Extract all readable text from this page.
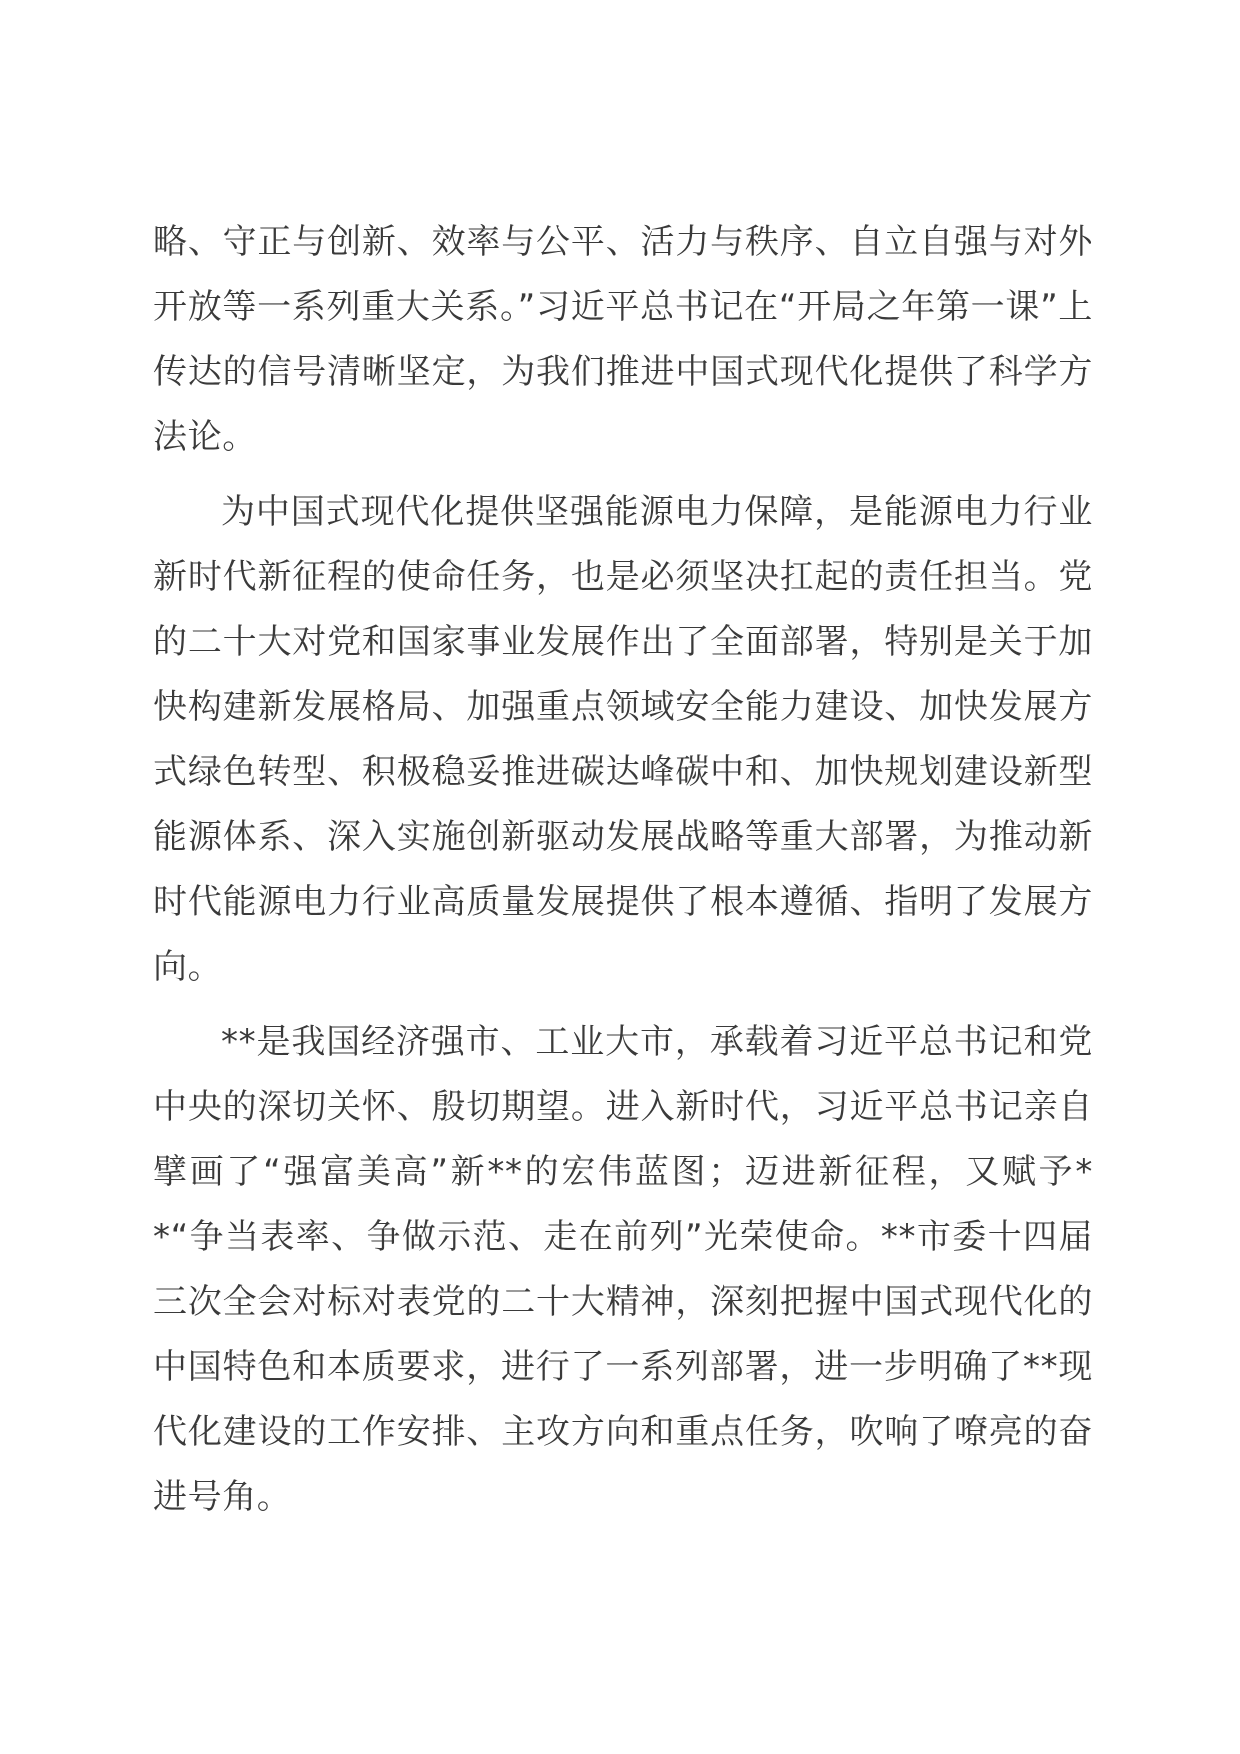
略、守正与创新、效率与公平、活力与秩序、自立自强与对外开放等一系列重大关系。”习近平总书记在“开局之年第一课”上传达的信号清晰坚定，为我们推进中国式现代化提供了科学方法论。

为中国式现代化提供坚强能源电力保障，是能源电力行业新时代新征程的使命任务，也是必须坚决扛起的责任担当。党的二十大对党和国家事业发展作出了全面部署，特别是关于加快构建新发展格局、加强重点领域安全能力建设、加快发展方式绿色转型、积极稳妥推进碳达峰碳中和、加快规划建设新型能源体系、深入实施创新驱动发展战略等重大部署，为推动新时代能源电力行业高质量发展提供了根本遵循、指明了发展方向。

**是我国经济强市、工业大市，承载着习近平总书记和党中央的深切关怀、殷切期望。进入新时代，习近平总书记亲自擘画了“强富美高”新**的宏伟蓝图；迈进新征程，又赋予**“争当表率、争做示范、走在前列”光荣使命。**市委十四届三次全会对标对表党的二十大精神，深刻把握中国式现代化的中国特色和本质要求，进行了一系列部署，进一步明确了**现代化建设的工作安排、主攻方向和重点任务，吹响了嘹亮的奋进号角。
